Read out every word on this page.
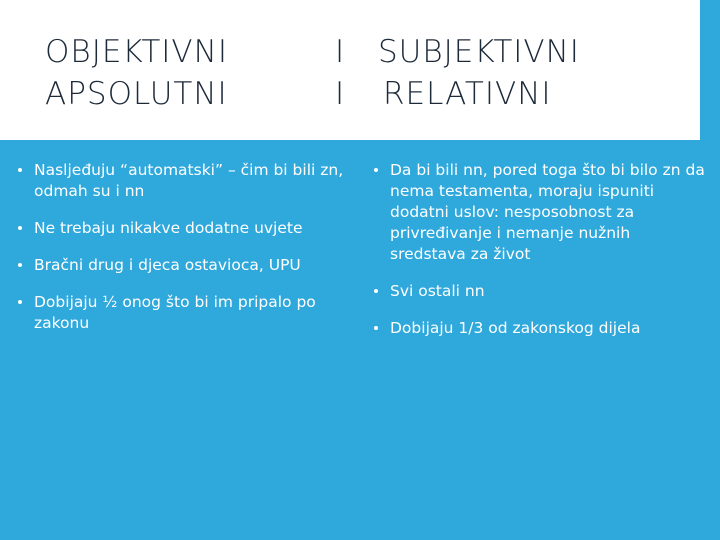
OBJEKTIVNI	I SUBJEKTIVNI
APSOLUTNI	I RELATIVNI
Nasljeđuju “automatski” – čim bi bili zn, odmah su i nn
Ne trebaju nikakve dodatne uvjete
Bračni drug i djeca ostavioca, UPU
Dobijaju ½ onog što bi im pripalo po zakonu
Da bi bili nn, pored toga što bi bilo zn da nema testamenta, moraju ispuniti dodatni uslov: nesposobnost za privređivanje i nemanje nužnih sredstava za život
Svi ostali nn
Dobijaju 1/3 od zakonskog dijela
